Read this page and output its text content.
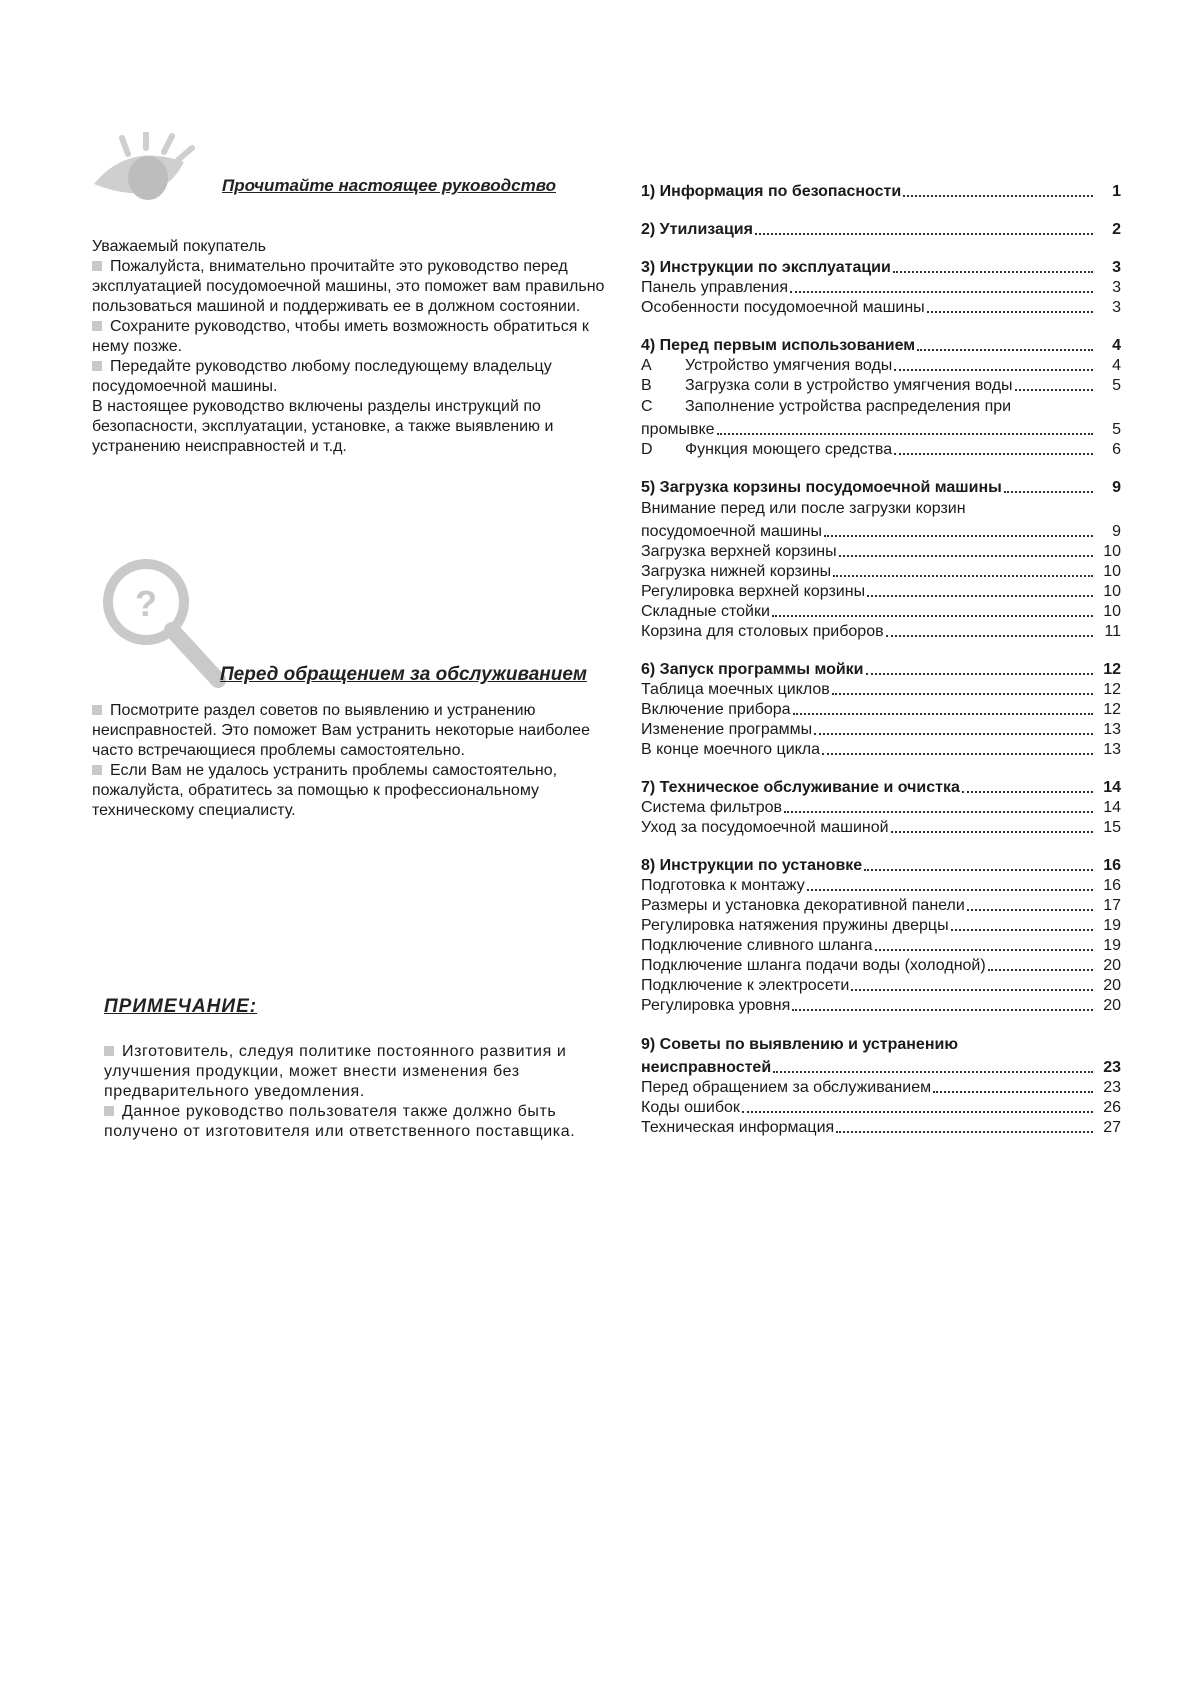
Прочитайте настоящее руководство

Уважаемый покупатель

Пожалуйста, внимательно прочитайте это руководство перед эксплуатацией посудомоечной машины, это поможет вам правильно пользоваться машиной и поддерживать ее в должном состоянии.

Сохраните руководство, чтобы иметь возможность обратиться к нему позже.

Передайте руководство любому последующему владельцу посудомоечной машины.

В настоящее руководство включены разделы инструкций по безопасности, эксплуатации, установке, а также выявлению и устранению неисправностей и т.д.

?
Перед обращением за обслуживанием

Посмотрите раздел советов по выявлению и устранению неисправностей. Это поможет Вам устранить некоторые наиболее часто встречающиеся проблемы самостоятельно.

Если Вам не удалось устранить проблемы самостоятельно, пожалуйста, обратитесь за помощью к профессиональному техническому специалисту.

ПРИМЕЧАНИЕ:

Изготовитель, следуя политике постоянного развития и улучшения продукции, может внести изменения без предварительного уведомления.

Данное руководство пользователя также должно быть получено от изготовителя или ответственного поставщика.

1) Информация по безопасности	1
2) Утилизация	2
3) Инструкции по эксплуатации	3
Панель управления	3
Особенности посудомоечной машины	3
4) Перед первым использованием	4
A Устройство умягчения воды	4
B Загрузка соли в устройство умягчения воды	5
C Заполнение устройства распределения при
промывке	5
D Функция моющего средства	6
5) Загрузка корзины посудомоечной машины	9
Внимание перед или после загрузки корзин
посудомоечной машины	9
Загрузка верхней корзины	10
Загрузка нижней корзины	10
Регулировка верхней корзины	10
Складные стойки	10
Корзина для столовых приборов	11
6) Запуск программы мойки	12
Таблица моечных циклов	12
Включение прибора	12
Изменение программы	13
В конце моечного цикла	13
7) Техническое обслуживание и очистка	14
Система фильтров	14
Уход за посудомоечной машиной	15
8) Инструкции по установке	16
Подготовка к монтажу	16
Размеры и установка декоративной панели	17
Регулировка натяжения пружины дверцы	19
Подключение сливного шланга	19
Подключение шланга подачи воды (холодной)	20
Подключение к электросети	20
Регулировка уровня	20
9) Советы по выявлению и устранению
неисправностей	23
Перед обращением за обслуживанием	23
Коды ошибок	26
Техническая информация	27
